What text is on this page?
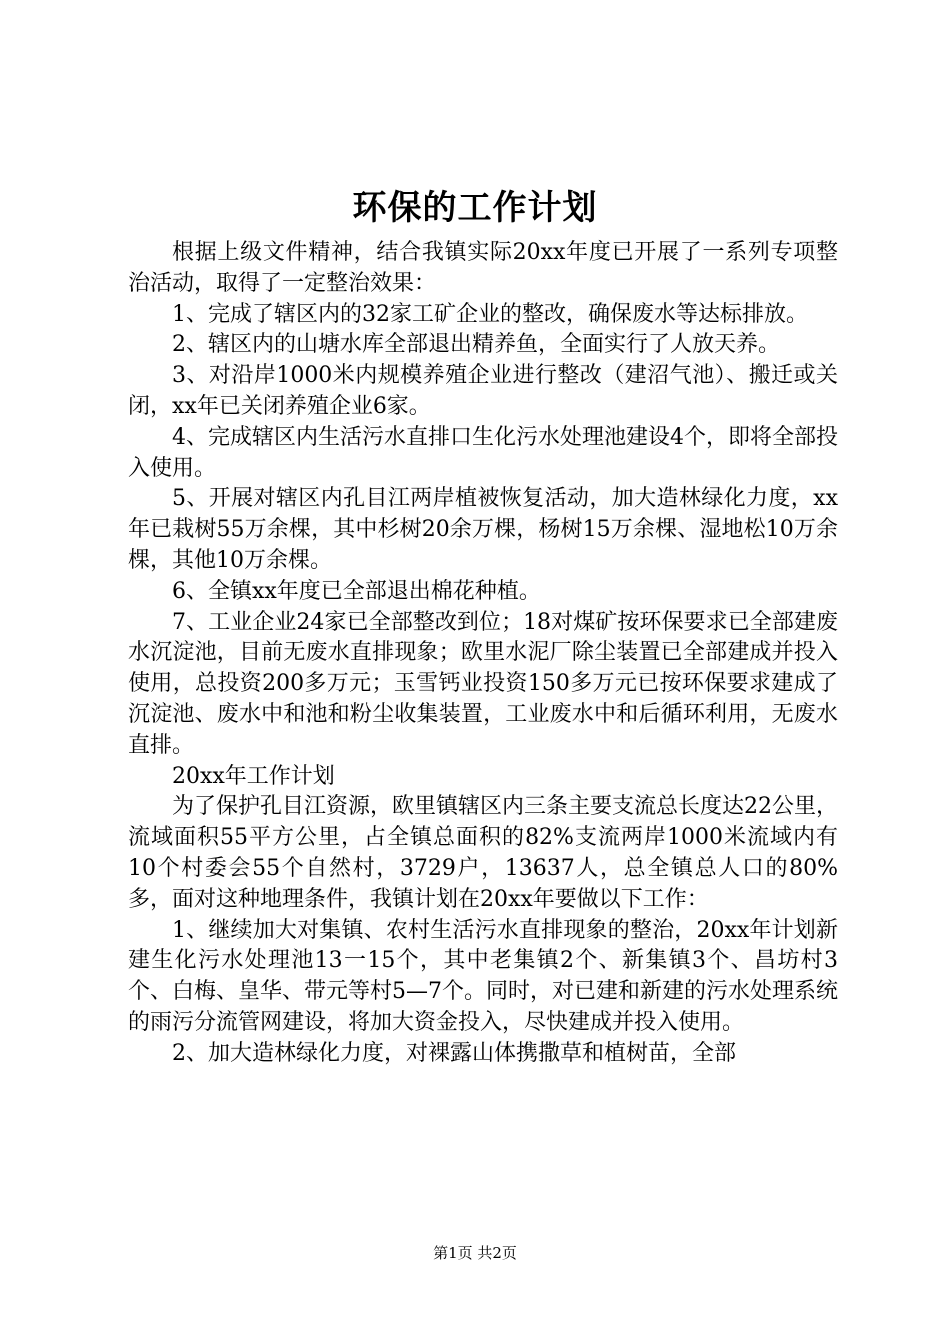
环保的工作计划

根据上级文件精神，结合我镇实际20xx年度已开展了一系列专项整治活动，取得了一定整治效果：

1、完成了辖区内的32家工矿企业的整改，确保废水等达标排放。

2、辖区内的山塘水库全部退出精养鱼，全面实行了人放天养。

3、对沿岸1000米内规模养殖企业进行整改（建沼气池）、搬迁或关闭，xx年已关闭养殖企业6家。

4、完成辖区内生活污水直排口生化污水处理池建设4个，即将全部投入使用。

5、开展对辖区内孔目江两岸植被恢复活动，加大造林绿化力度，xx年已栽树55万余棵，其中杉树20余万棵，杨树15万余棵、湿地松10万余棵，其他10万余棵。

6、全镇xx年度已全部退出棉花种植。

7、工业企业24家已全部整改到位；18对煤矿按环保要求已全部建废水沉淀池，目前无废水直排现象；欧里水泥厂除尘装置已全部建成并投入使用，总投资200多万元；玉雪钙业投资150多万元已按环保要求建成了沉淀池、废水中和池和粉尘收集装置，工业废水中和后循环利用，无废水直排。

20xx年工作计划

为了保护孔目江资源，欧里镇辖区内三条主要支流总长度达22公里，流域面积55平方公里，占全镇总面积的82%支流两岸1000米流域内有10个村委会55个自然村，3729户，13637人，总全镇总人口的80%多，面对这种地理条件，我镇计划在20xx年要做以下工作：

1、继续加大对集镇、农村生活污水直排现象的整治，20xx年计划新建生化污水处理池13一15个，其中老集镇2个、新集镇3个、昌坊村3个、白梅、皇华、带元等村5—7个。同时，对已建和新建的污水处理系统的雨污分流管网建设，将加大资金投入，尽快建成并投入使用。

2、加大造林绿化力度，对裸露山体携撒草和植树苗，全部

第1页 共2页
